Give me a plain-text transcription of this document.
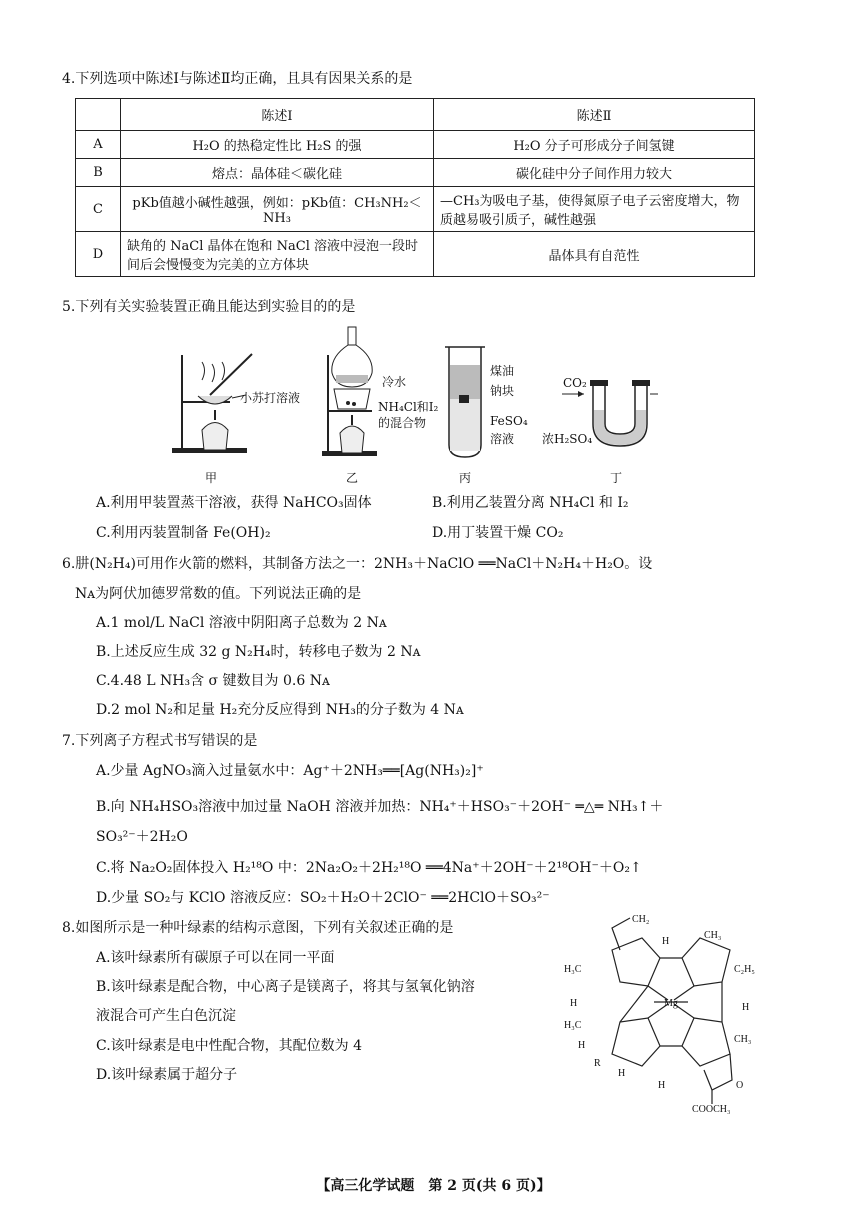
4.下列选项中陈述Ⅰ与陈述Ⅱ均正确，且具有因果关系的是
	陈述Ⅰ	陈述Ⅱ
A	H₂O 的热稳定性比 H₂S 的强	H₂O 分子可形成分子间氢键
B	熔点：晶体硅＜碳化硅	碳化硅中分子间作用力较大
C	pKb值越小碱性越强，例如：pKb值：CH₃NH₂＜NH₃	—CH₃为吸电子基，使得氮原子电子云密度增大，物质越易吸引质子，碱性越强
D	缺角的 NaCl 晶体在饱和 NaCl 溶液中浸泡一段时间后会慢慢变为完美的立方体块	晶体具有自范性
5.下列有关实验装置正确且能达到实验目的的是
小苏打溶液
甲
冷水
NH₄Cl和I₂
的混合物
乙
煤油
钠块
FeSO₄
溶液
丙
CO₂
浓H₂SO₄
丁
A.利用甲装置蒸干溶液，获得 NaHCO₃固体	B.利用乙装置分离 NH₄Cl 和 I₂
C.利用丙装置制备 Fe(OH)₂	D.用丁装置干燥 CO₂
6.肼(N₂H₄)可用作火箭的燃料，其制备方法之一：2NH₃＋NaClO ══NaCl＋N₂H₄＋H₂O。设
Nᴀ为阿伏加德罗常数的值。下列说法正确的是
A.1 mol/L NaCl 溶液中阴阳离子总数为 2 Nᴀ
B.上述反应生成 32 g N₂H₄时，转移电子数为 2 Nᴀ
C.4.48 L NH₃含 σ 键数目为 0.6 Nᴀ
D.2 mol N₂和足量 H₂充分反应得到 NH₃的分子数为 4 Nᴀ
7.下列离子方程式书写错误的是
A.少量 AgNO₃滴入过量氨水中：Ag⁺＋2NH₃══[Ag(NH₃)₂]⁺
B.向 NH₄HSO₃溶液中加过量 NaOH 溶液并加热：NH₄⁺＋HSO₃⁻＋2OH⁻ ═△═ NH₃↑＋
SO₃²⁻＋2H₂O
C.将 Na₂O₂固体投入 H₂¹⁸O 中：2Na₂O₂＋2H₂¹⁸O ══4Na⁺＋2OH⁻＋2¹⁸OH⁻＋O₂↑
D.少量 SO₂与 KClO 溶液反应：SO₂＋H₂O＋2ClO⁻ ══2HClO＋SO₃²⁻
8.如图所示是一种叶绿素的结构示意图，下列有关叙述正确的是
A.该叶绿素所有碳原子可以在同一平面
B.该叶绿素是配合物，中心离子是镁离子，将其与氢氧化钠溶
液混合可产生白色沉淀
C.该叶绿素是电中性配合物，其配位数为 4
D.该叶绿素属于超分子
CH₂
H
CH₃
H₃C	C₂H₅
H	H
Mg
H₃C
CH₃
H
R
H
H	O
COOCH₃
【高三化学试题　第 2 页(共 6 页)】
